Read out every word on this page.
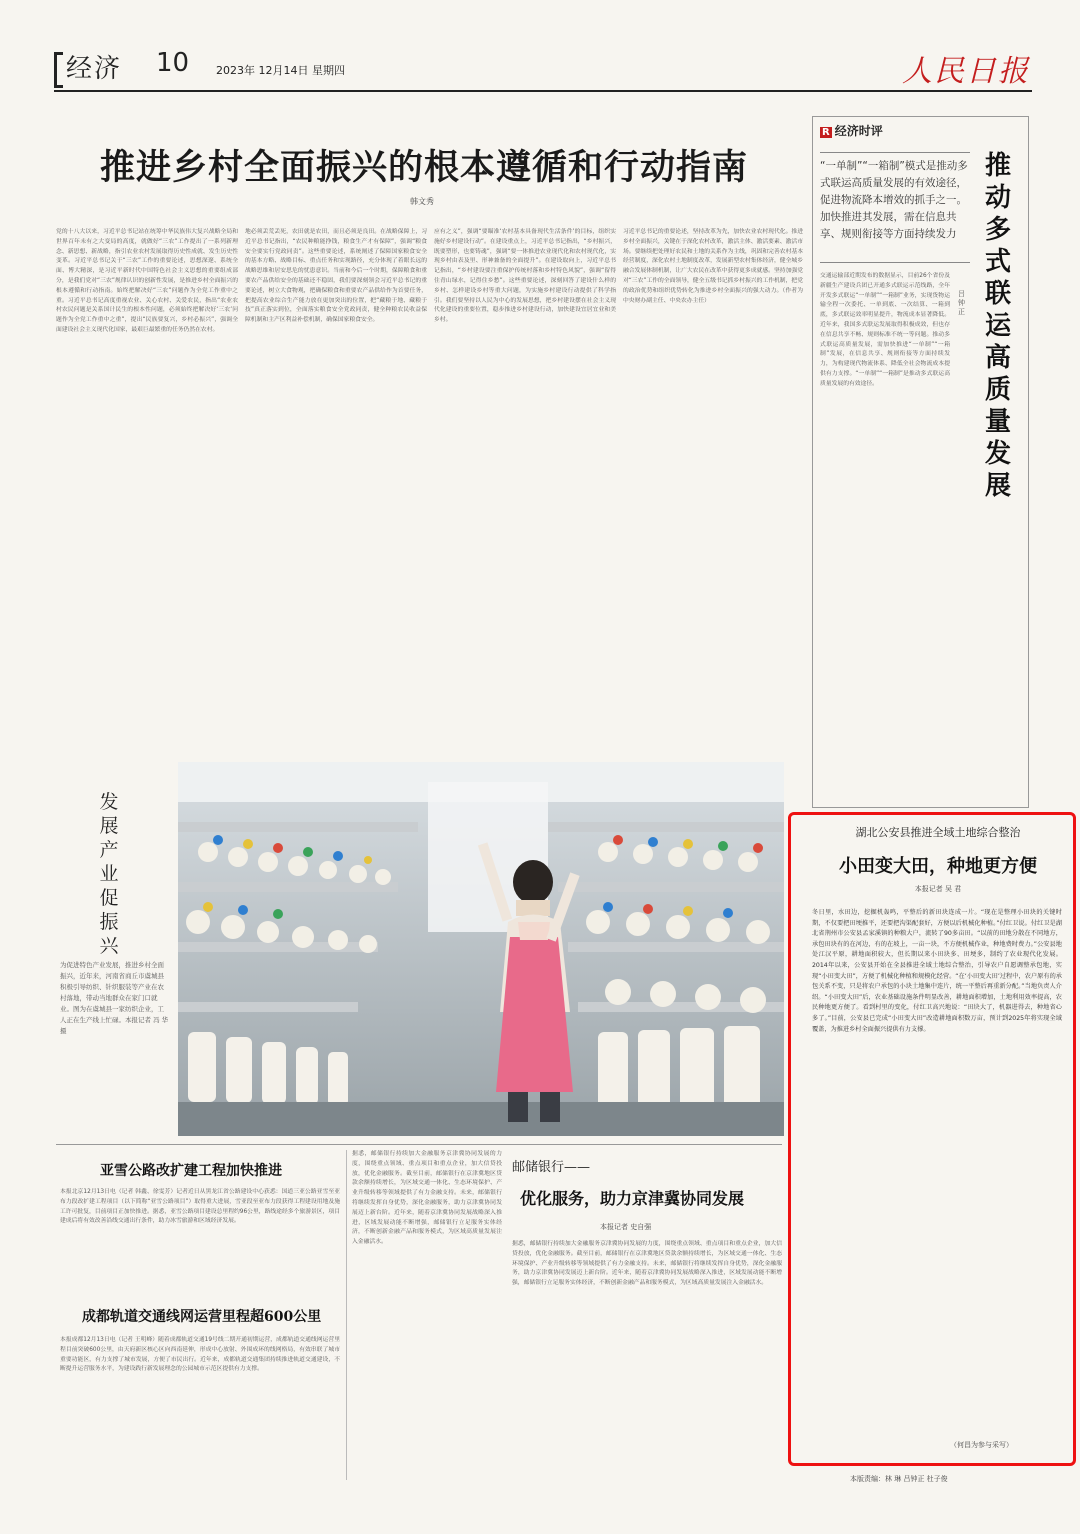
经济 10 2023年 12月14日 星期四	人民日报
推进乡村全面振兴的根本遵循和行动指南
韩文秀
党的十八大以来，习近平总书记站在统筹中华民族伟大复兴战略全局和世界百年未有之大变局的高度，就做好“三农”工作提出了一系列新理念、新思想、新战略，指引农业农村发展取得历史性成就、发生历史性变革。习近平总书记关于“三农”工作的重要论述，思想深邃、系统全面、博大精深，是习近平新时代中国特色社会主义思想的重要组成部分，是我们党对“三农”规律认识的创新性发展，是推进乡村全面振兴的根本遵循和行动指南。始终把解决好“三农”问题作为全党工作重中之重。习近平总书记高度重视农业、关心农村、关爱农民，指出“农业农村农民问题是关系国计民生的根本性问题，必须始终把解决好‘三农’问题作为全党工作重中之重”，提出“民族要复兴，乡村必振兴”，强调全面建设社会主义现代化国家，最艰巨最繁重的任务仍然在农村。
地必须丢荒丢死，农田就是农田，而且必须是良田。在战略保障上，习近平总书记指出，“农民种粮能挣钱，粮食生产才有保障”，强调“粮食安全要实行党政同责”。这些重要论述，系统阐述了保障国家粮食安全的基本方略、战略目标、重点任务和实现路径，充分体现了着眼长远的战略思维和居安思危的忧患意识。当前和今后一个时期，保障粮食和重要农产品供给安全的基础还不稳固，我们要深刻领会习近平总书记的重要论述，树立大食物观，把确保粮食和重要农产品供给作为首要任务，把提高农业综合生产能力放在更加突出的位置，把“藏粮于地、藏粮于技”真正落实到位，全面落实粮食安全党政同责，健全种粮农民收益保障机制和主产区利益补偿机制，确保国家粮食安全。
应有之义”，强调“要瞄准‘农村基本具备现代生活条件’的目标，组织实施好乡村建设行动”。在建设重点上，习近平总书记指出，“乡村振兴，既要塑形，也要铸魂”，强调“要一体推进农业现代化和农村现代化，实现乡村由表及里、形神兼备的全面提升”。在建设取向上，习近平总书记指出，“乡村建设要注重保护传统村落和乡村特色风貌”，强调“留得住青山绿水，记得住乡愁”。这些重要论述，深刻回答了建设什么样的乡村、怎样建设乡村等重大问题，为实施乡村建设行动提供了科学指引。我们要坚持以人民为中心的发展思想，把乡村建设摆在社会主义现代化建设的重要位置，稳步推进乡村建设行动，加快建设宜居宜业和美乡村。
习近平总书记的重要论述，坚持改革为先，加快农业农村现代化。推进乡村全面振兴，关键在于深化农村改革，激活主体、激活要素、激活市场。要继续把处理好农民和土地的关系作为主线，巩固和完善农村基本经营制度，深化农村土地制度改革，发展新型农村集体经济，健全城乡融合发展体制机制，让广大农民在改革中获得更多成就感。坚持加强党对“三农”工作的全面领导，健全五级书记抓乡村振兴的工作机制，把党的政治优势和组织优势转化为推进乡村全面振兴的强大动力。（作者为中央财办副主任、中央农办主任）
R 经济时评
“一单制”“一箱制”模式是推动多式联运高质量发展的有效途径，促进物流降本增效的抓手之一。加快推进其发展，需在信息共享、规则衔接等方面持续发力
推动多式联运高质量发展
吕钟正
交通运输部近期发布的数据显示，目前26个省份及新疆生产建设兵团已开通多式联运示范线路，全年开发多式联运“一单制”“一箱制”业务，实现货物运输全程一次委托、一单到底、一次结算、一箱到底，多式联运效率明显提升，物流成本显著降低。近年来，我国多式联运发展取得积极成效，但也存在信息共享不畅、规则标准不统一等问题。推动多式联运高质量发展，需加快推进“一单制”“一箱制”发展，在信息共享、规则衔接等方面持续发力，为构建现代物流体系、降低全社会物流成本提供有力支撑。“一单制”“一箱制”是推动多式联运高质量发展的有效途径。
发展产业促振兴
为促进特色产业发展，推进乡村全面振兴，近年来，河南省商丘市虞城县积极引导纺织、针织服装等产业在农村落地，带动当地群众在家门口就业。图为在虞城县一家纺织企业，工人正在生产线上忙碌。本报记者 冯 华摄
湖北公安县推进全域土地综合整治
小田变大田，种地更方便
本报记者 吴 君
冬日里，水田边，挖掘机轰鸣，平整后的新田块连成一片。“现在是整理小田块的关键时期，不仅要把田埂推平，还要把沟渠配套好，方便以后机械化种植。”付红卫说。付红卫是湖北省荆州市公安县孟家溪镇的种粮大户，流转了90多亩田。“以前的田地分散在不同地方，承包田块有的在河边，有的在坡上，一亩一块，不方便机械作业，种地费时费力。”公安县地处江汉平原，耕地面积较大，但长期以来小田块多、田埂多，制约了农业现代化发展。2014年以来，公安县开始在全县推进全域土地综合整治，引导农户自愿调整承包地，实现“小田变大田”，方便了机械化种植和规模化经营。“在‘小田变大田’过程中，农户原有的承包关系不变，只是将农户承包的小块土地集中连片，统一平整后再重新分配。”当地负责人介绍。“小田变大田”后，农业基础设施条件明显改善，耕地面积增加，土地利用效率提高，农民种地更方便了。看到村里的变化，付红卫高兴地说：“田块大了，机器进得去，种地省心多了。”目前，公安县已完成“小田变大田”改造耕地面积数万亩，预计到2025年将实现全域覆盖，为推进乡村全面振兴提供有力支撑。
（何昌为参与采写）
亚雪公路改扩建工程加快推进
本报北京12月13日电（记者 韩鑫、徐雯芳）记者近日从黑龙江省公路建设中心获悉：国道三亚公路亚雪至亚布力段改扩建工程项目（以下简称“亚雪公路项目”）取得重大进展，雪亚段至亚布力段获得工程建设用地及施工许可批复，目前项目正加快推进。据悉，亚雪公路项目建设总里程约96公里，路线途经多个旅游景区，项目建成后将有效改善沿线交通出行条件，助力冰雪旅游和区域经济发展。
成都轨道交通线网运营里程超600公里
本报成都12月13日电（记者 王明峰）随着成都轨道交通19号线二期开通初期运营，成都轨道交通线网运营里程目前突破600公里，由天府新区核心区向西南延伸，形成中心放射、外围成环的线网格局，有效串联了城市重要功能区，有力支撑了城市发展，方便了市民出行。近年来，成都轨道交通集团持续推进轨道交通建设，不断提升运营服务水平，为建设践行新发展理念的公园城市示范区提供有力支撑。
据悉，邮储银行持续加大金融服务京津冀协同发展的力度，围绕重点领域、重点项目和重点企业，加大信贷投放，优化金融服务。截至目前，邮储银行在京津冀地区贷款余额持续增长，为区域交通一体化、生态环境保护、产业升级转移等领域提供了有力金融支持。未来，邮储银行将继续发挥自身优势，深化金融服务，助力京津冀协同发展迈上新台阶。近年来，随着京津冀协同发展战略深入推进，区域发展动能不断增强，邮储银行立足服务实体经济，不断创新金融产品和服务模式，为区域高质量发展注入金融活水。
邮储银行——
优化服务，助力京津冀协同发展
本报记者 史自强
据悉，邮储银行持续加大金融服务京津冀协同发展的力度，围绕重点领域、重点项目和重点企业，加大信贷投放，优化金融服务。截至目前，邮储银行在京津冀地区贷款余额持续增长，为区域交通一体化、生态环境保护、产业升级转移等领域提供了有力金融支持。未来，邮储银行将继续发挥自身优势，深化金融服务，助力京津冀协同发展迈上新台阶。近年来，随着京津冀协同发展战略深入推进，区域发展动能不断增强，邮储银行立足服务实体经济，不断创新金融产品和服务模式，为区域高质量发展注入金融活水。
本版责编：林 琳 吕钟正 杜子俊
